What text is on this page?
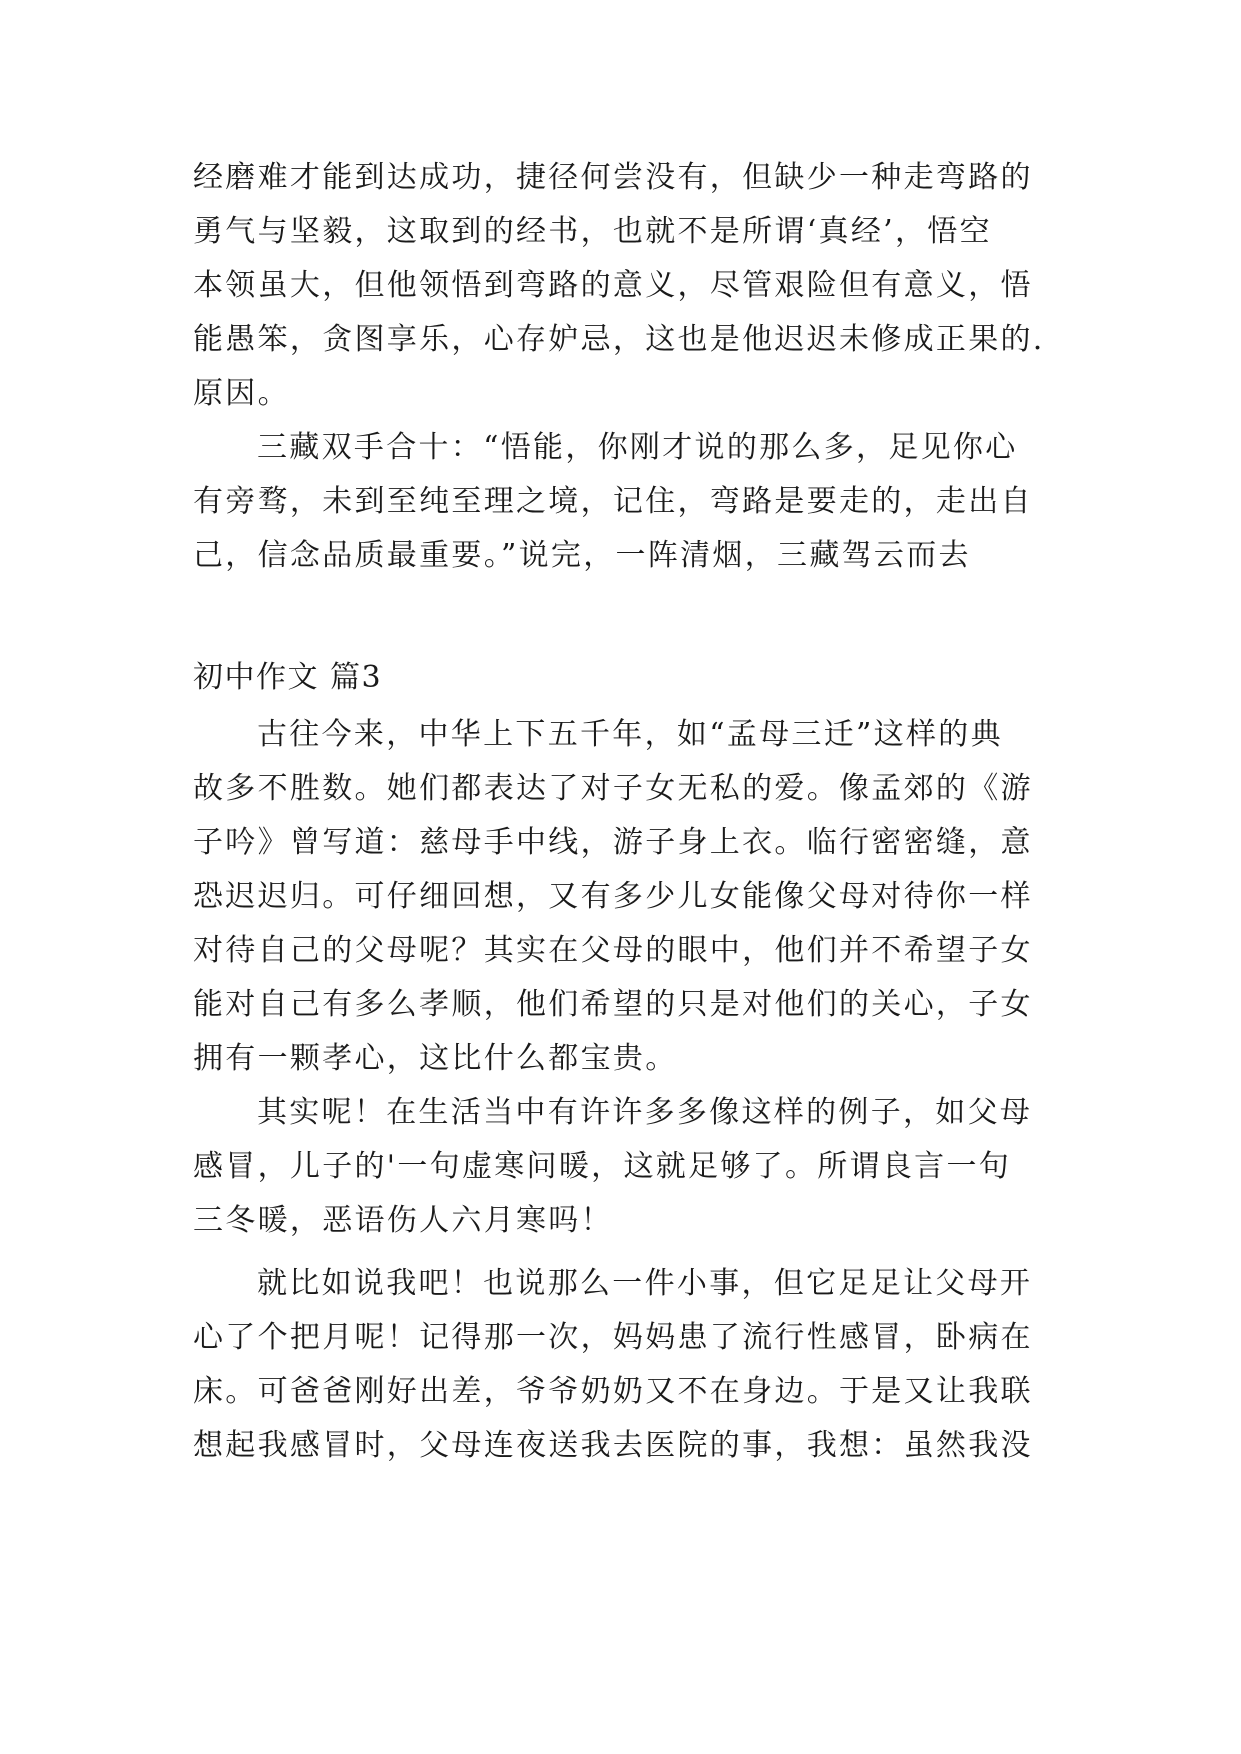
经磨难才能到达成功，捷径何尝没有，但缺少一种走弯路的
勇气与坚毅，这取到的经书，也就不是所谓‘真经’，悟空
本领虽大，但他领悟到弯路的意义，尽管艰险但有意义，悟
能愚笨，贪图享乐，心存妒忌，这也是他迟迟未修成正果的.
原因。
三藏双手合十：“悟能，你刚才说的那么多，足见你心
有旁骛，未到至纯至理之境，记住，弯路是要走的，走出自
己，信念品质最重要。”说完，一阵清烟，三藏驾云而去
初中作文 篇3
古往今来，中华上下五千年，如“孟母三迁”这样的典
故多不胜数。她们都表达了对子女无私的爱。像孟郊的《游
子吟》曾写道：慈母手中线，游子身上衣。临行密密缝，意
恐迟迟归。可仔细回想，又有多少儿女能像父母对待你一样
对待自己的父母呢？其实在父母的眼中，他们并不希望子女
能对自己有多么孝顺，他们希望的只是对他们的关心，子女
拥有一颗孝心，这比什么都宝贵。
其实呢！在生活当中有许许多多像这样的例子，如父母
感冒，儿子的'一句虚寒问暖，这就足够了。所谓良言一句
三冬暖，恶语伤人六月寒吗！
就比如说我吧！也说那么一件小事，但它足足让父母开
心了个把月呢！记得那一次，妈妈患了流行性感冒，卧病在
床。可爸爸刚好出差，爷爷奶奶又不在身边。于是又让我联
想起我感冒时，父母连夜送我去医院的事，我想：虽然我没
